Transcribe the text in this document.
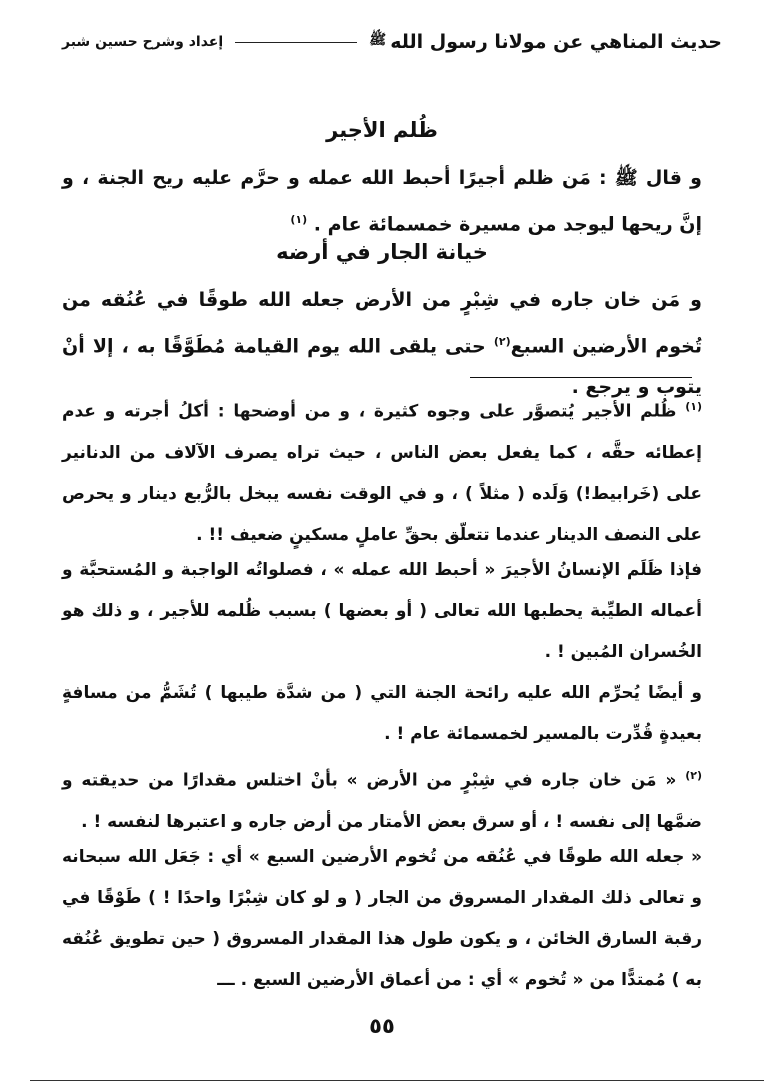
حديث المناهي عن مولانا رسول الله$^ﷺ$
إعداد وشرح حسين شبر
ظُلم الأجير
و قال ﷺ : مَن ظلم أجيرًا أحبط الله عمله و حرَّم عليه ريح الجنة ، و إنَّ ريحها ليوجد من مسيرة خمسمائة عام . $^{(١)}$
خيانة الجار في أرضه
و مَن خان جاره في شِبْرٍ من الأرض جعله الله طوقًا في عُنُقه من تُخوم الأرضين السبع$^{(٢)}$ حتى يلقى الله يوم القيامة مُطَوَّقًا به ، إلا أنْ يتوب و يرجع .
$^{(١)}$ ظُلم الأجير يُتصوَّر على وجوه كثيرة ، و من أوضحها : أكلُ أجرته و عدم إعطائه حقَّه ، كما يفعل بعض الناس ، حيث تراه يصرف الآلاف من الدنانير على (خَرابيط!) وَلَده ( مثلاً ) ، و في الوقت نفسه يبخل بالرُّبع دينار و يحرص على النصف الدينار عندما تتعلّق بحقِّ عاملٍ مسكينٍ ضعيف !! .
فإذا ظَلَم الإنسانُ الأجيرَ « أحبط الله عمله » ، فصلواتُه الواجبة و المُستحبَّة و أعماله الطيِّبة يحطبها الله تعالى ( أو بعضها ) بسبب ظُلمه للأجير ، و ذلك هو الخُسران المُبين ! .
و أيضًا يُحرِّم الله عليه رائحة الجنة التي ( من شدَّة طيبها ) تُشَمُّ من مسافةٍ بعيدةٍ قُدِّرت بالمسير لخمسمائة عام ! .
$^{(٢)}$ « مَن خان جاره في شِبْرٍ من الأرض » بأنْ اختلس مقدارًا من حديقته و ضمَّها إلى نفسه ! ، أو سرق بعض الأمتار من أرض جاره و اعتبرها لنفسه ! .
« جعله الله طوقًا في عُنُقه من تُخوم الأرضين السبع » أي : جَعَل الله سبحانه و تعالى ذلك المقدار المسروق من الجار ( و لو كان شِبْرًا واحدًا ! ) طَوْقًا في رقبة السارق الخائن ، و يكون طول هذا المقدار المسروق ( حين تطويق عُنُقه به ) مُمتدًّا من « تُخوم » أي : من أعماق الأرضين السبع . ـــ
٥٥
